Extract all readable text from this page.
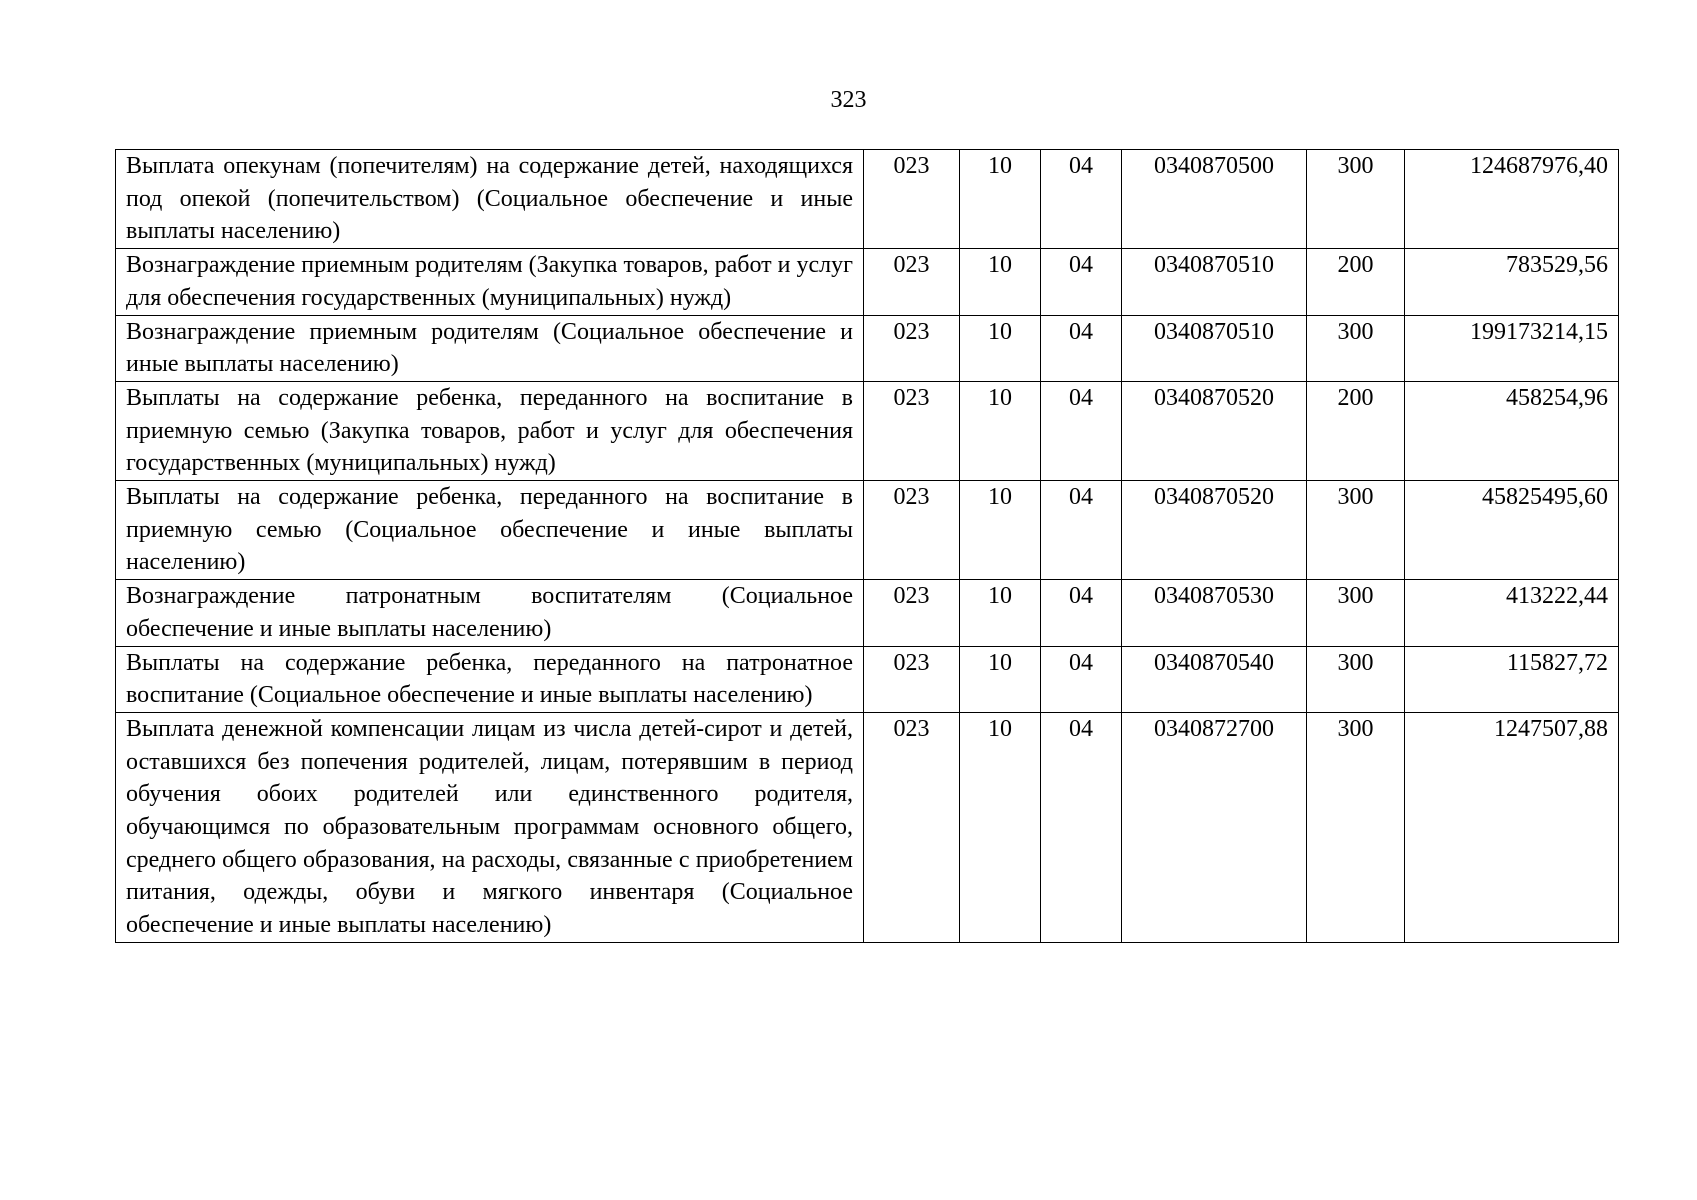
323
Выплата опекунам (попечителям) на содержание детей, находящихся под опекой (попечительством) (Социальное обеспечение и иные выплаты населению)	023	10	04	0340870500	300	124687976,40
Вознаграждение приемным родителям (Закупка товаров, работ и услуг для обеспечения государственных (муниципальных) нужд)	023	10	04	0340870510	200	783529,56
Вознаграждение приемным родителям (Социальное обеспечение и иные выплаты населению)	023	10	04	0340870510	300	199173214,15
Выплаты на содержание ребенка, переданного на воспитание в приемную семью (Закупка товаров, работ и услуг для обеспечения государственных (муниципальных) нужд)	023	10	04	0340870520	200	458254,96
Выплаты на содержание ребенка, переданного на воспитание в приемную семью (Социальное обеспечение и иные выплаты населению)	023	10	04	0340870520	300	45825495,60
Вознаграждение патронатным воспитателям (Социальное обеспечение и иные выплаты населению)	023	10	04	0340870530	300	413222,44
Выплаты на содержание ребенка, переданного на патронатное воспитание (Социальное обеспечение и иные выплаты населению)	023	10	04	0340870540	300	115827,72
Выплата денежной компенсации лицам из числа детей-сирот и детей, оставшихся без попечения родителей, лицам, потерявшим в период обучения обоих родителей или единственного родителя, обучающимся по образовательным программам основного общего, среднего общего образования, на расходы, связанные с приобретением питания, одежды, обуви и мягкого инвентаря (Социальное обеспечение и иные выплаты населению)	023	10	04	0340872700	300	1247507,88
